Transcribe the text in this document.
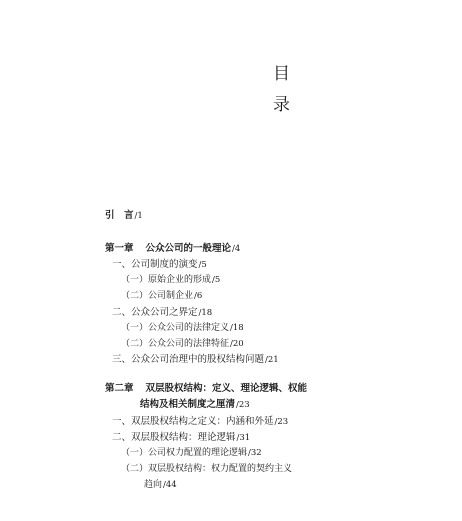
目
录
引　言/1
第一章 公众公司的一般理论/4
一、公司制度的演变/5
（一）原始企业的形成/5
（二）公司制企业/6
二、公众公司之界定/18
（一）公众公司的法律定义/18
（二）公众公司的法律特征/20
三、公众公司治理中的股权结构问题/21
第二章 双层股权结构：定义、理论逻辑、权能
结构及相关制度之厘清/23
一、双层股权结构之定义：内涵和外延/23
二、双层股权结构：理论逻辑/31
（一）公司权力配置的理论逻辑/32
（二）双层股权结构：权力配置的契约主义
趋向/44
